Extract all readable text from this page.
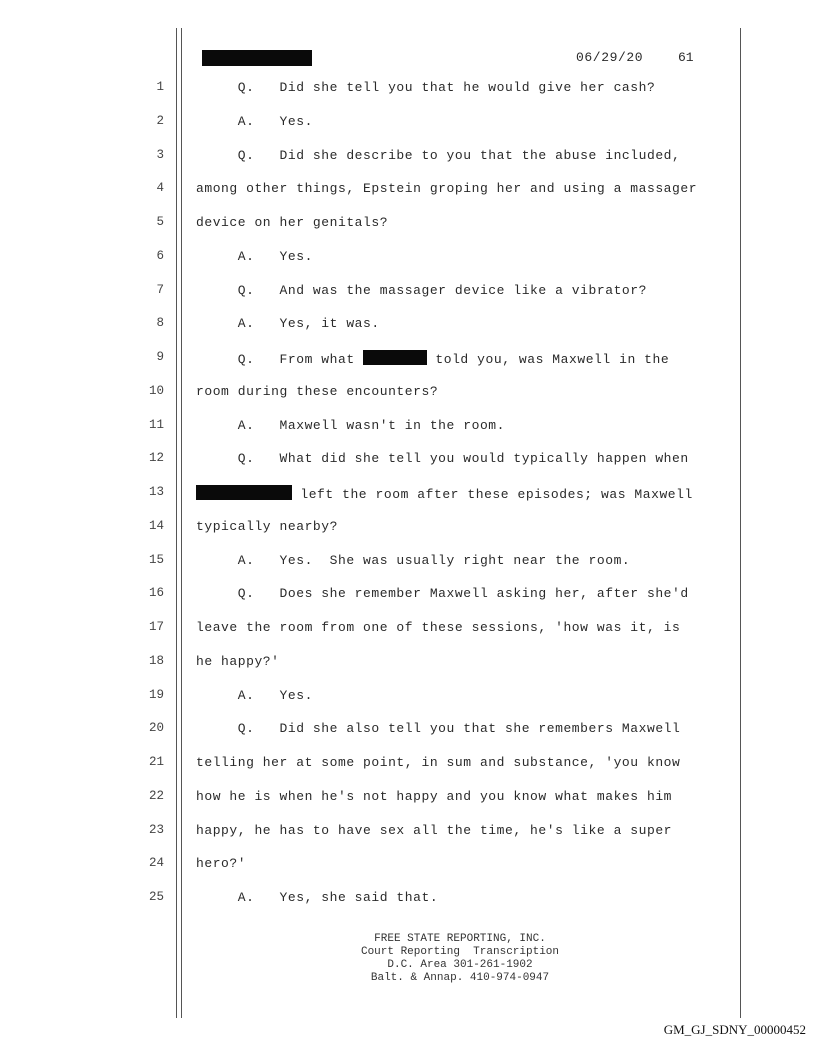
06/29/20	61
1 Q.   Did she tell you that he would give her cash?
2 A.   Yes.
3 Q.   Did she describe to you that the abuse included,
4 among other things, Epstein groping her and using a massager
5 device on her genitals?
6 A.   Yes.
7 Q.   And was the massager device like a vibrator?
8 A.   Yes, it was.
9 Q.   From what	told you, was Maxwell in the
10 room during these encounters?
11 A.   Maxwell wasn't in the room.
12 Q.   What did she tell you would typically happen when
13	left the room after these episodes; was Maxwell
14 typically nearby?
15 A.   Yes.  She was usually right near the room.
16 Q.   Does she remember Maxwell asking her, after she'd
17 leave the room from one of these sessions, 'how was it, is
18 he happy?'
19 A.   Yes.
20 Q.   Did she also tell you that she remembers Maxwell
21 telling her at some point, in sum and substance, 'you know
22 how he is when he's not happy and you know what makes him
23 happy, he has to have sex all the time, he's like a super
24 hero?'
25 A.   Yes, she said that.
FREE STATE REPORTING, INC.
Court Reporting  Transcription
D.C. Area 301-261-1902
Balt. & Annap. 410-974-0947
GM_GJ_SDNY_00000452
